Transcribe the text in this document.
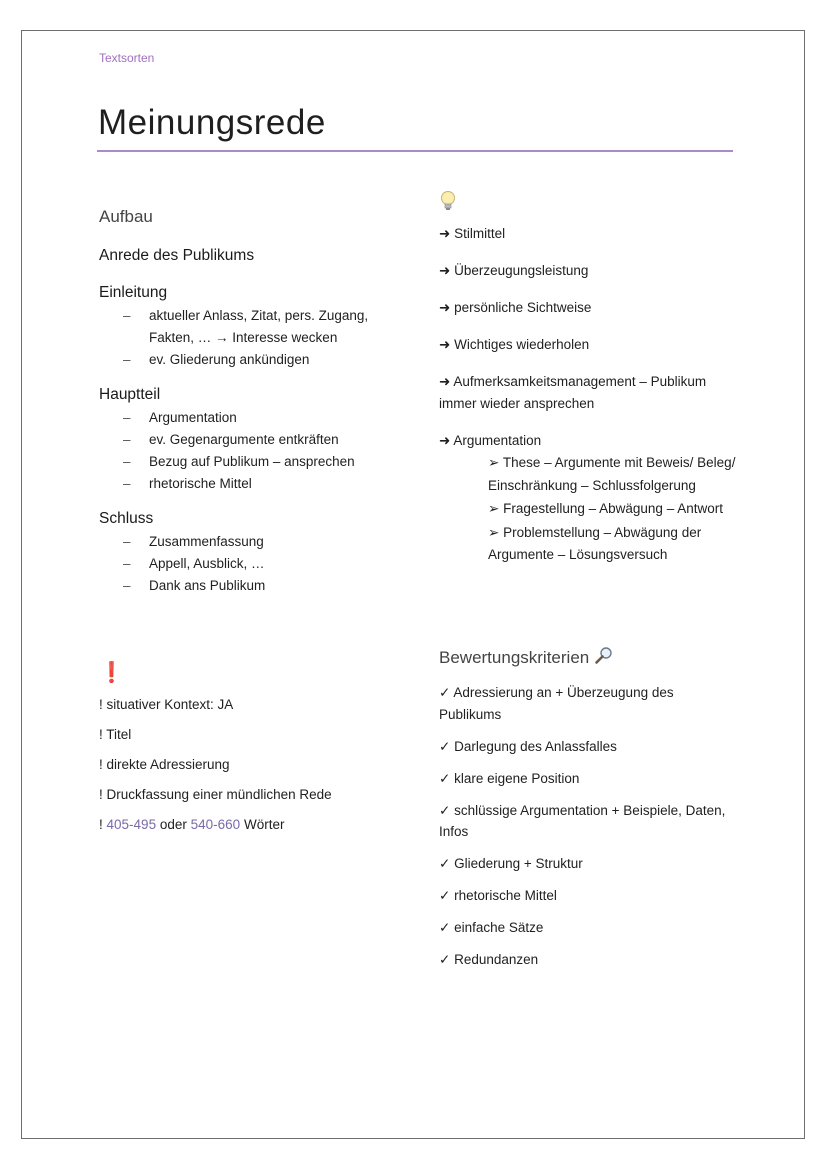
Textsorten
Meinungsrede
Aufbau
Anrede des Publikums
Einleitung
– aktueller Anlass, Zitat, pers. Zugang, Fakten, … → Interesse wecken
– ev. Gliederung ankündigen
Hauptteil
– Argumentation
– ev. Gegenargumente entkräften
– Bezug auf Publikum – ansprechen
– rhetorische Mittel
Schluss
– Zusammenfassung
– Appell, Ausblick, …
– Dank ans Publikum
❗

! situativer Kontext: JA

! Titel

! direkte Adressierung

! Druckfassung einer mündlichen Rede

! 405-495 oder 540-660 Wörter

➜ Stilmittel
➜ Überzeugungsleistung
➜ persönliche Sichtweise
➜ Wichtiges wiederholen
➜ Aufmerksamkeitsmanagement – Publikum immer wieder ansprechen
➜ Argumentation
➢ These – Argumente mit Beweis/ Beleg/ Einschränkung – Schlussfolgerung
➢ Fragestellung – Abwägung – Antwort
➢ Problemstellung – Abwägung der Argumente – Lösungsversuch
Bewertungskriterien
✓ Adressierung an + Überzeugung des Publikums
✓ Darlegung des Anlassfalles
✓ klare eigene Position
✓ schlüssige Argumentation + Beispiele, Daten, Infos
✓ Gliederung + Struktur
✓ rhetorische Mittel
✓ einfache Sätze
✓ Redundanzen
